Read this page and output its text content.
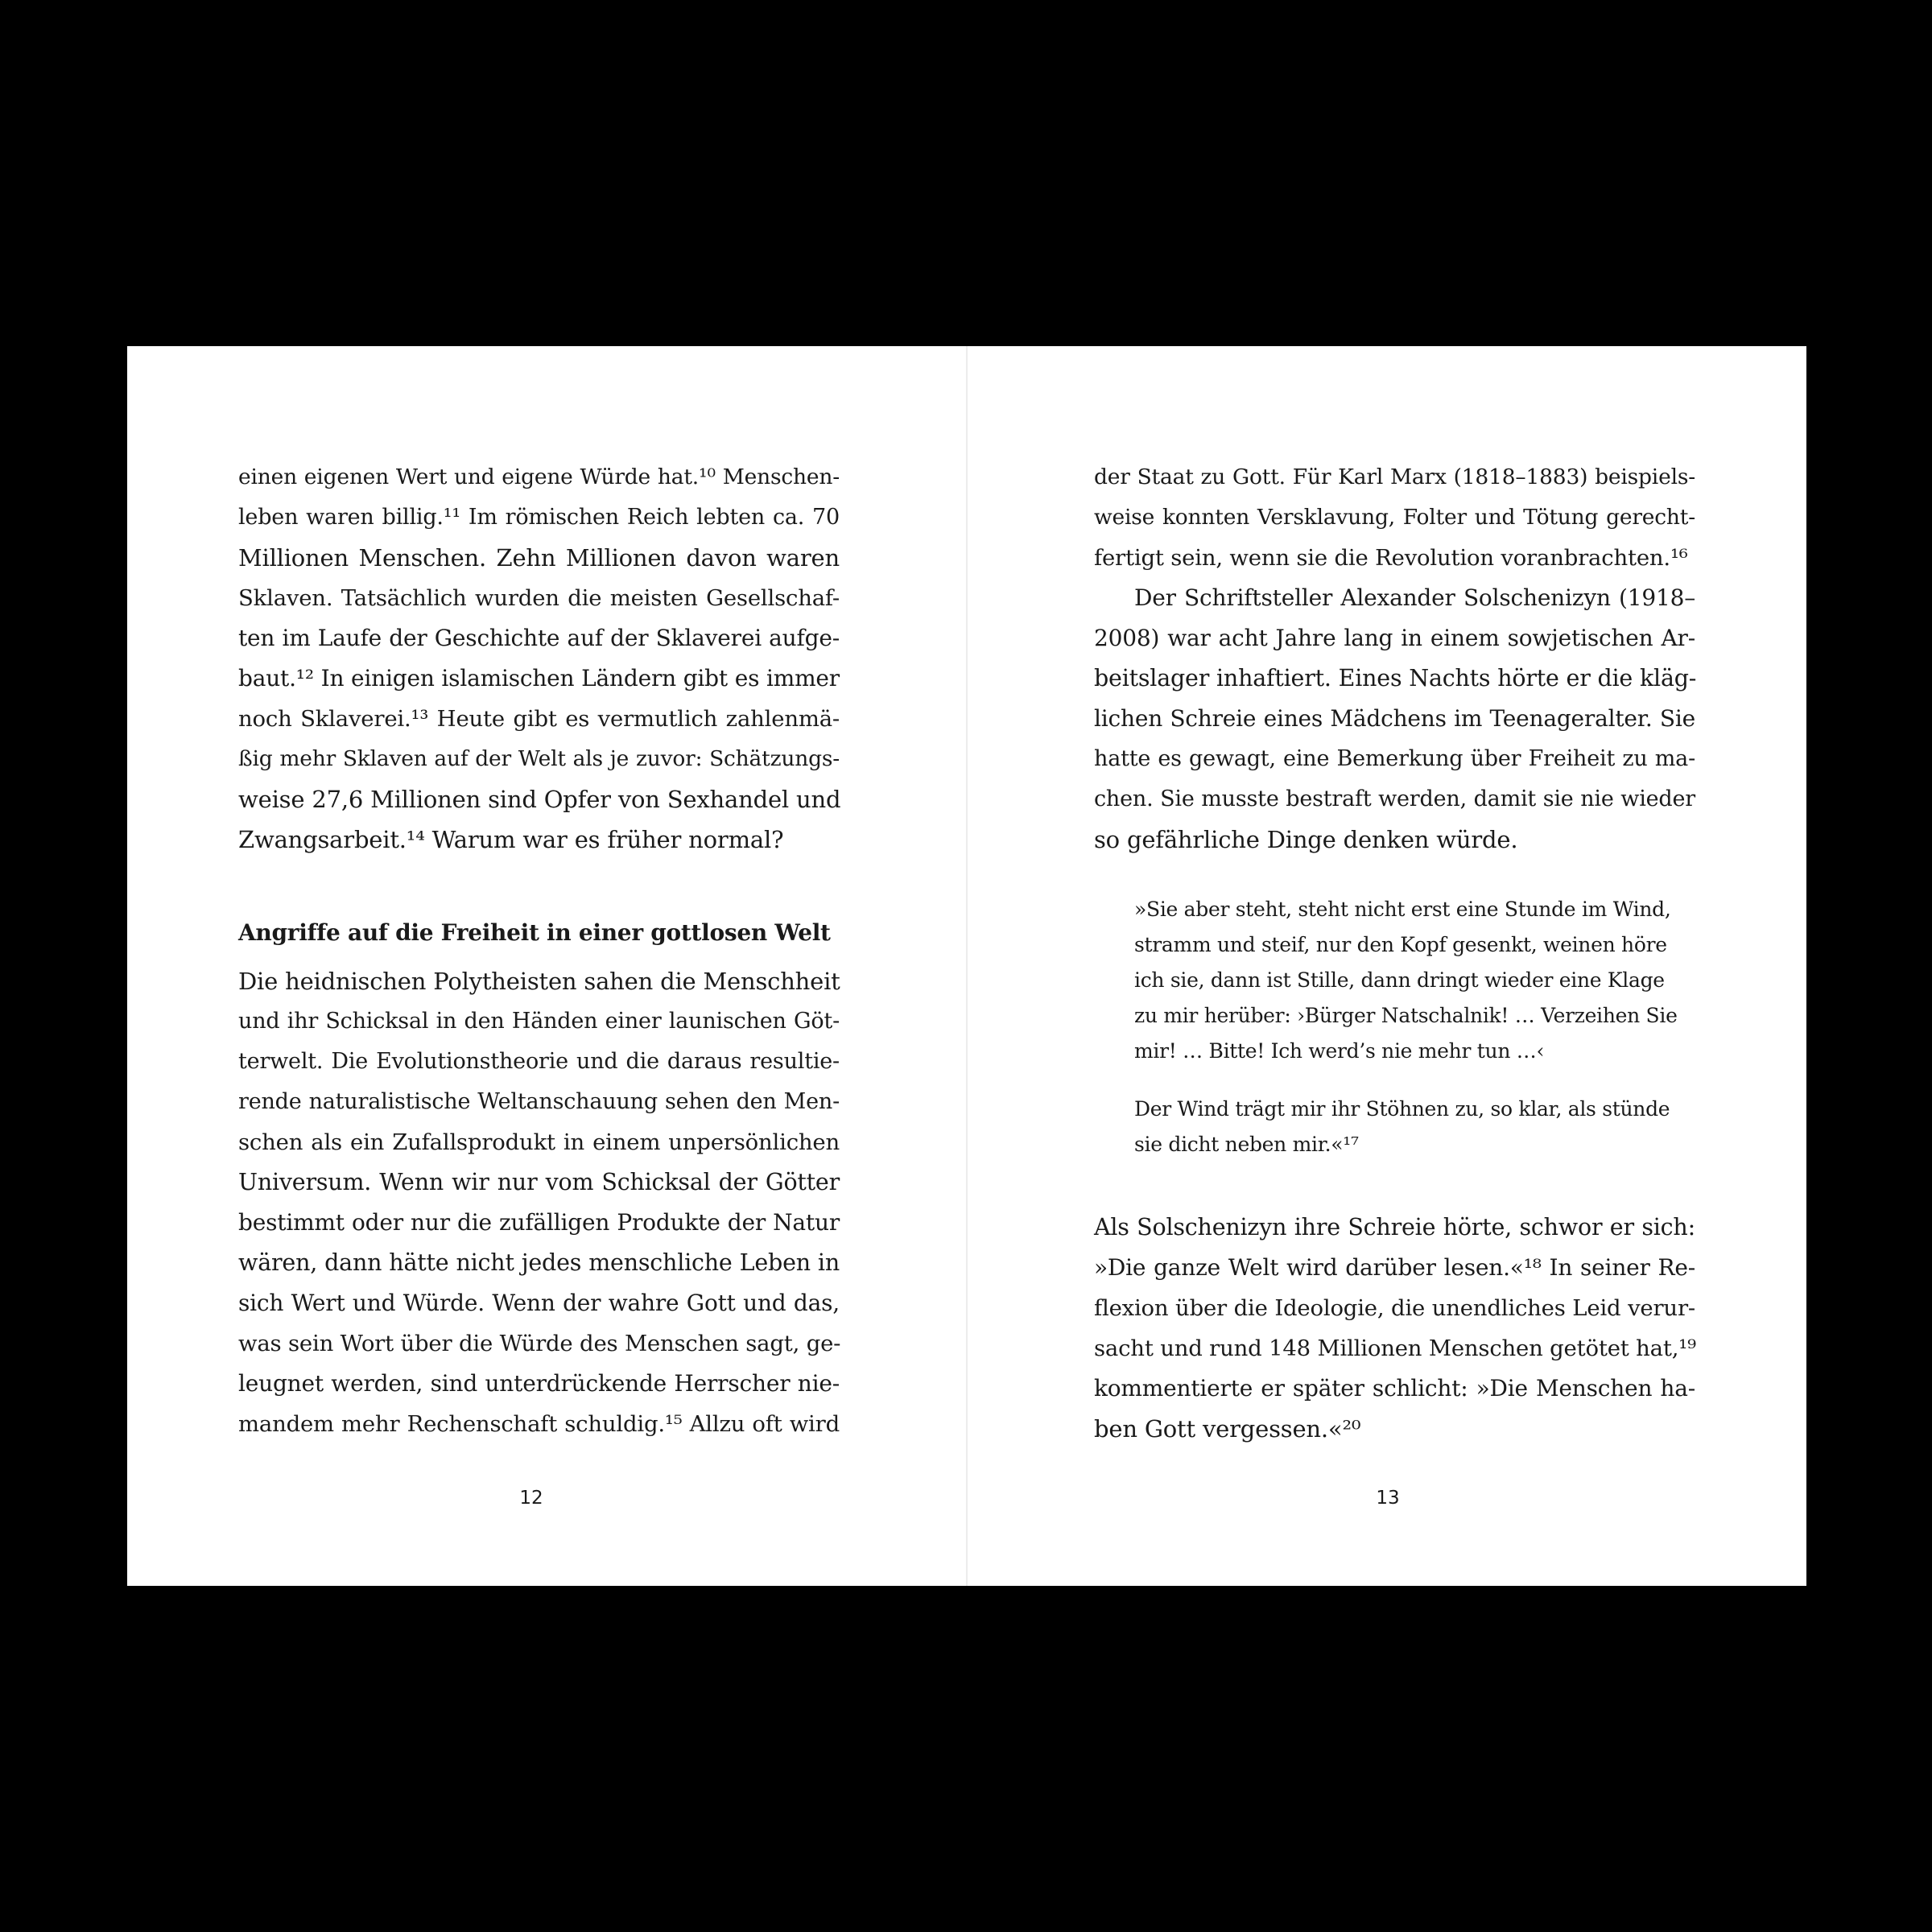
einen eigenen Wert und eigene Würde hat.¹⁰ Menschen-
leben waren billig.¹¹ Im römischen Reich lebten ca. 70
Millionen Menschen. Zehn Millionen davon waren
Sklaven. Tatsächlich wurden die meisten Gesellschaf-
ten im Laufe der Geschichte auf der Sklaverei aufge-
baut.¹² In einigen islamischen Ländern gibt es immer
noch Sklaverei.¹³ Heute gibt es vermutlich zahlenmä-
ßig mehr Sklaven auf der Welt als je zuvor: Schätzungs-
weise 27,6 Millionen sind Opfer von Sexhandel und
Zwangsarbeit.¹⁴ Warum war es früher normal?
Angriffe auf die Freiheit in einer gottlosen Welt
Die heidnischen Polytheisten sahen die Menschheit
und ihr Schicksal in den Händen einer launischen Göt-
terwelt. Die Evolutionstheorie und die daraus resultie-
rende naturalistische Weltanschauung sehen den Men-
schen als ein Zufallsprodukt in einem unpersönlichen
Universum. Wenn wir nur vom Schicksal der Götter
bestimmt oder nur die zufälligen Produkte der Natur
wären, dann hätte nicht jedes menschliche Leben in
sich Wert und Würde. Wenn der wahre Gott und das,
was sein Wort über die Würde des Menschen sagt, ge-
leugnet werden, sind unterdrückende Herrscher nie-
mandem mehr Rechenschaft schuldig.¹⁵ Allzu oft wird
12
der Staat zu Gott. Für Karl Marx (1818–1883) beispiels-
weise konnten Versklavung, Folter und Tötung gerecht-
fertigt sein, wenn sie die Revolution voranbrachten.¹⁶
Der Schriftsteller Alexander Solschenizyn (1918–
2008) war acht Jahre lang in einem sowjetischen Ar-
beitslager inhaftiert. Eines Nachts hörte er die kläg-
lichen Schreie eines Mädchens im Teenageralter. Sie
hatte es gewagt, eine Bemerkung über Freiheit zu ma-
chen. Sie musste bestraft werden, damit sie nie wieder
so gefährliche Dinge denken würde.
»Sie aber steht, steht nicht erst eine Stunde im Wind,
stramm und steif, nur den Kopf gesenkt, weinen höre
ich sie, dann ist Stille, dann dringt wieder eine Klage
zu mir herüber: ›Bürger Natschalnik! … Verzeihen Sie
mir! … Bitte! Ich werd’s nie mehr tun …‹
Der Wind trägt mir ihr Stöhnen zu, so klar, als stünde
sie dicht neben mir.«¹⁷
Als Solschenizyn ihre Schreie hörte, schwor er sich:
»Die ganze Welt wird darüber lesen.«¹⁸ In seiner Re-
flexion über die Ideologie, die unendliches Leid verur-
sacht und rund 148 Millionen Menschen getötet hat,¹⁹
kommentierte er später schlicht: »Die Menschen ha-
ben Gott vergessen.«²⁰
13
